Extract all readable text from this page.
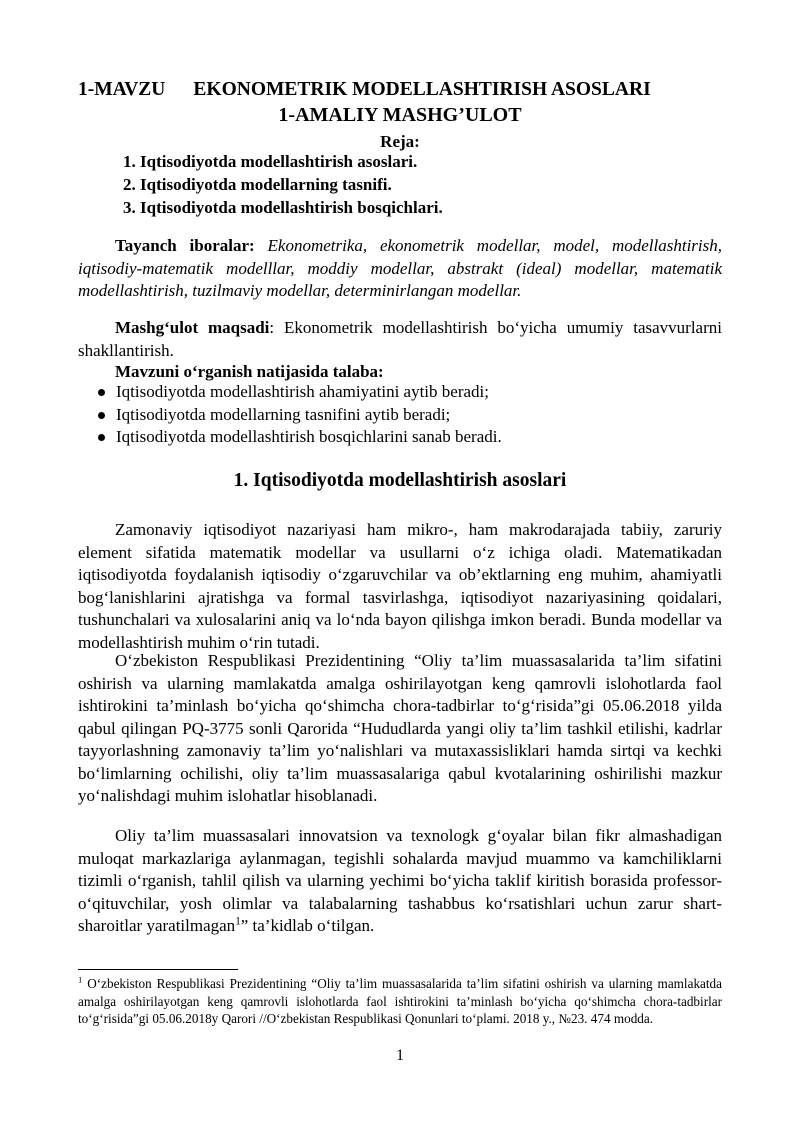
1-MAVZU EKONOMETRIK MODELLASHTIRISH ASOSLARI
1-AMALIY MASHG’ULOT
Reja:
1. Iqtisodiyotda modellashtirish asoslari.
2. Iqtisodiyotda modellarning tasnifi.
3. Iqtisodiyotda modellashtirish bosqichlari.

Tayanch iboralar: Ekonometrika, ekonometrik modellar, model, modellashtirish, iqtisodiy-matematik modelllar, moddiy modellar, abstrakt (ideal) modellar, matematik modellashtirish, tuzilmaviy modellar, determinirlangan modellar.

Mashg‘ulot maqsadi: Ekonometrik modellashtirish bo‘yicha umumiy tasavvurlarni shakllantirish.

Mavzuni o‘rganish natijasida talaba:
Iqtisodiyotda modellashtirish ahamiyatini aytib beradi;
Iqtisodiyotda modellarning tasnifini aytib beradi;
Iqtisodiyotda modellashtirish bosqichlarini sanab beradi.
1. Iqtisodiyotda modellashtirish asoslari

Zamonaviy iqtisodiyot nazariyasi ham mikro-, ham makrodarajada tabiiy, zaruriy element sifatida matematik modellar va usullarni o‘z ichiga oladi. Matematikadan iqtisodiyotda foydalanish iqtisodiy o‘zgaruvchilar va ob’ektlarning eng muhim, ahamiyatli bog‘lanishlarini ajratishga va formal tasvirlashga, iqtisodiyot nazariyasining qoidalari, tushunchalari va xulosalarini aniq va lo‘nda bayon qilishga imkon beradi. Bunda modellar va modellashtirish muhim o‘rin tutadi.

O‘zbekiston Respublikasi Prezidentining “Oliy ta’lim muassasalarida ta’lim sifatini oshirish va ularning mamlakatda amalga oshirilayotgan keng qamrovli islohotlarda faol ishtirokini ta’minlash bo‘yicha qo‘shimcha chora-tadbirlar to‘g‘risida”gi 05.06.2018 yilda qabul qilingan PQ-3775 sonli Qarorida “Hududlarda yangi oliy ta’lim tashkil etilishi, kadrlar tayyorlashning zamonaviy ta’lim yo‘nalishlari va mutaxassisliklari hamda sirtqi va kechki bo‘limlarning ochilishi, oliy ta’lim muassasalariga qabul kvotalarining oshirilishi mazkur yo‘nalishdagi muhim islohatlar hisoblanadi.

Oliy ta’lim muassasalari innovatsion va texnologk g‘oyalar bilan fikr almashadigan muloqat markazlariga aylanmagan, tegishli sohalarda mavjud muammo va kamchiliklarni tizimli o‘rganish, tahlil qilish va ularning yechimi bo‘yicha taklif kiritish borasida professor-o‘qituvchilar, yosh olimlar va talabalarning tashabbus ko‘rsatishlari uchun zarur shart-sharoitlar yaratilmagan$^1$” ta’kidlab o‘tilgan.

$^1$ O‘zbekiston Respublikasi Prezidentining “Oliy ta’lim muassasalarida ta’lim sifatini oshirish va ularning mamlakatda amalga oshirilayotgan keng qamrovli islohotlarda faol ishtirokini ta’minlash bo‘yicha qo‘shimcha chora-tadbirlar to‘g‘risida”gi 05.06.2018y Qarori //O‘zbekistan Respublikasi Qonunlari to‘plami. 2018 y., №23. 474 modda.

1
